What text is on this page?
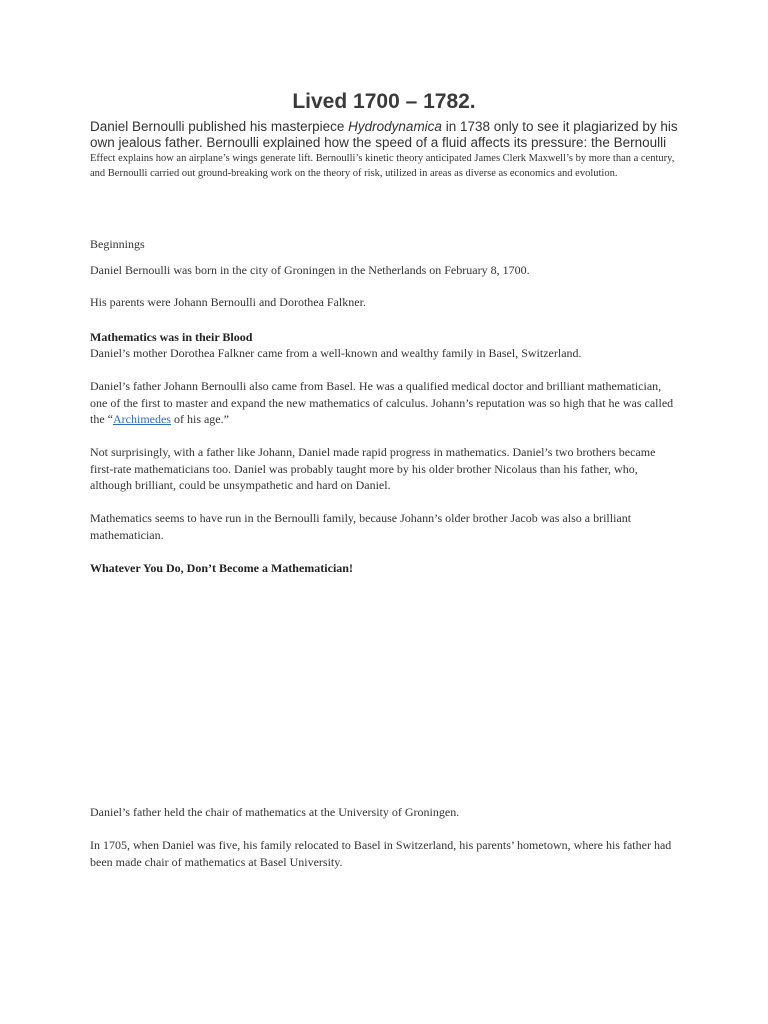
Lived 1700 – 1782.
Daniel Bernoulli published his masterpiece Hydrodynamica in 1738 only to see it plagiarized by his own jealous father. Bernoulli explained how the speed of a fluid affects its pressure: the Bernoulli
Effect explains how an airplane’s wings generate lift. Bernoulli’s kinetic theory anticipated James Clerk Maxwell’s by more than a century, and Bernoulli carried out ground-breaking work on the theory of risk, utilized in areas as diverse as economics and evolution.

Beginnings

Daniel Bernoulli was born in the city of Groningen in the Netherlands on February 8, 1700.

His parents were Johann Bernoulli and Dorothea Falkner.

Mathematics was in their Blood

Daniel’s mother Dorothea Falkner came from a well-known and wealthy family in Basel, Switzerland.

Daniel’s father Johann Bernoulli also came from Basel. He was a qualified medical doctor and brilliant mathematician, one of the first to master and expand the new mathematics of calculus. Johann’s reputation was so high that he was called the “Archimedes of his age.”

Not surprisingly, with a father like Johann, Daniel made rapid progress in mathematics. Daniel’s two brothers became first-rate mathematicians too. Daniel was probably taught more by his older brother Nicolaus than his father, who, although brilliant, could be unsympathetic and hard on Daniel.

Mathematics seems to have run in the Bernoulli family, because Johann’s older brother Jacob was also a brilliant mathematician.

Whatever You Do, Don’t Become a Mathematician!

Daniel’s father held the chair of mathematics at the University of Groningen.

In 1705, when Daniel was five, his family relocated to Basel in Switzerland, his parents’ hometown, where his father had been made chair of mathematics at Basel University.
